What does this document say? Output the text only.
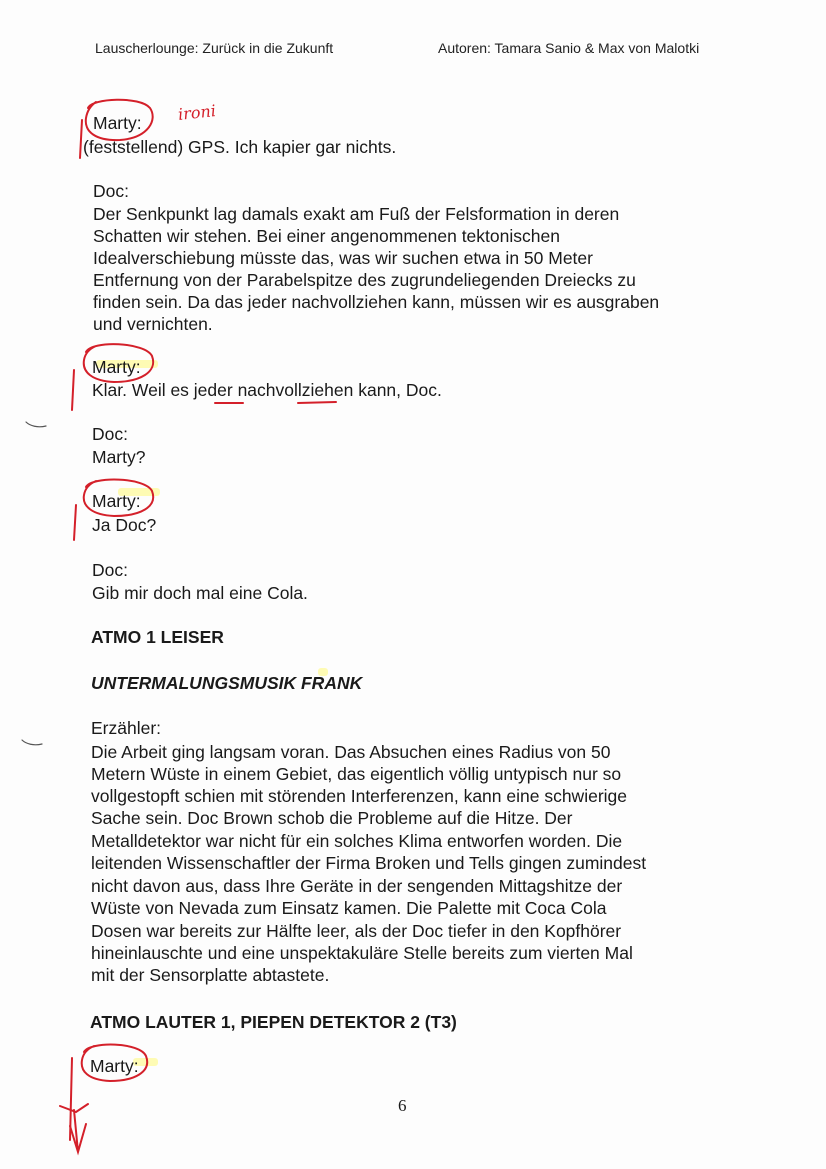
Lauscherlounge: Zurück in die Zukunft	Autoren: Tamara Sanio & Max von Malotki
Marty:
(feststellend) GPS. Ich kapier gar nichts.
Doc:
Der Senkpunkt lag damals exakt am Fuß der Felsformation in deren
Schatten wir stehen. Bei einer angenommenen tektonischen
Idealverschiebung müsste das, was wir suchen etwa in 50 Meter
Entfernung von der Parabelspitze des zugrundeliegenden Dreiecks zu
finden sein. Da das jeder nachvollziehen kann, müssen wir es ausgraben
und vernichten.
Marty:
Klar. Weil es jeder nachvollziehen kann, Doc.
Doc:
Marty?
Marty:
Ja Doc?
Doc:
Gib mir doch mal eine Cola.
ATMO 1 LEISER
UNTERMALUNGSMUSIK FRANK
Erzähler:
Die Arbeit ging langsam voran. Das Absuchen eines Radius von 50
Metern Wüste in einem Gebiet, das eigentlich völlig untypisch nur so
vollgestopft schien mit störenden Interferenzen, kann eine schwierige
Sache sein. Doc Brown schob die Probleme auf die Hitze. Der
Metalldetektor war nicht für ein solches Klima entworfen worden. Die
leitenden Wissenschaftler der Firma Broken und Tells gingen zumindest
nicht davon aus, dass Ihre Geräte in der sengenden Mittagshitze der
Wüste von Nevada zum Einsatz kamen. Die Palette mit Coca Cola
Dosen war bereits zur Hälfte leer, als der Doc tiefer in den Kopfhörer
hineinlauschte und eine unspektakuläre Stelle bereits zum vierten Mal
mit der Sensorplatte abtastete.
ATMO LAUTER 1, PIEPEN DETEKTOR 2 (T3)
Marty:
6
ironi
